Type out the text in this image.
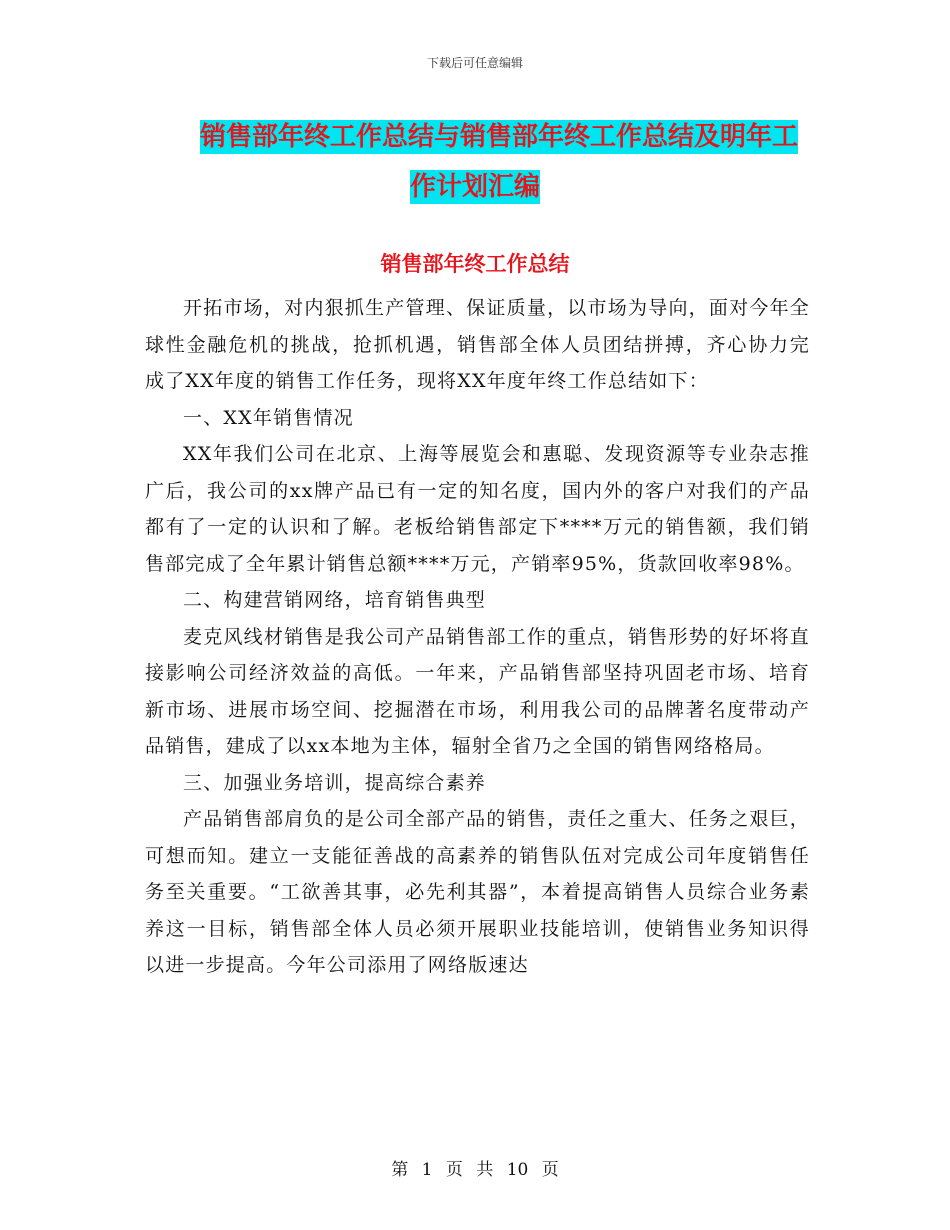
下载后可任意编辑
销售部年终工作总结与销售部年终工作总结及明年工
作计划汇编
销售部年终工作总结

开拓市场，对内狠抓生产管理、保证质量，以市场为导向，面对今年全球性金融危机的挑战，抢抓机遇，销售部全体人员团结拼搏，齐心协力完成了XX年度的销售工作任务，现将XX年度年终工作总结如下：

一、XX年销售情况

XX年我们公司在北京、上海等展览会和惠聪、发现资源等专业杂志推广后，我公司的xx牌产品已有一定的知名度，国内外的客户对我们的产品都有了一定的认识和了解。老板给销售部定下****万元的销售额，我们销售部完成了全年累计销售总额****万元，产销率95%，货款回收率98%。

二、构建营销网络，培育销售典型

麦克风线材销售是我公司产品销售部工作的重点，销售形势的好坏将直接影响公司经济效益的高低。一年来，产品销售部坚持巩固老市场、培育新市场、进展市场空间、挖掘潜在市场，利用我公司的品牌著名度带动产品销售，建成了以xx本地为主体，辐射全省乃之全国的销售网络格局。

三、加强业务培训，提高综合素养

产品销售部肩负的是公司全部产品的销售，责任之重大、任务之艰巨，可想而知。建立一支能征善战的高素养的销售队伍对完成公司年度销售任务至关重要。“工欲善其事，必先利其器”，本着提高销售人员综合业务素养这一目标，销售部全体人员必须开展职业技能培训，使销售业务知识得以进一步提高。今年公司添用了网络版速达

第 1 页 共 10 页
